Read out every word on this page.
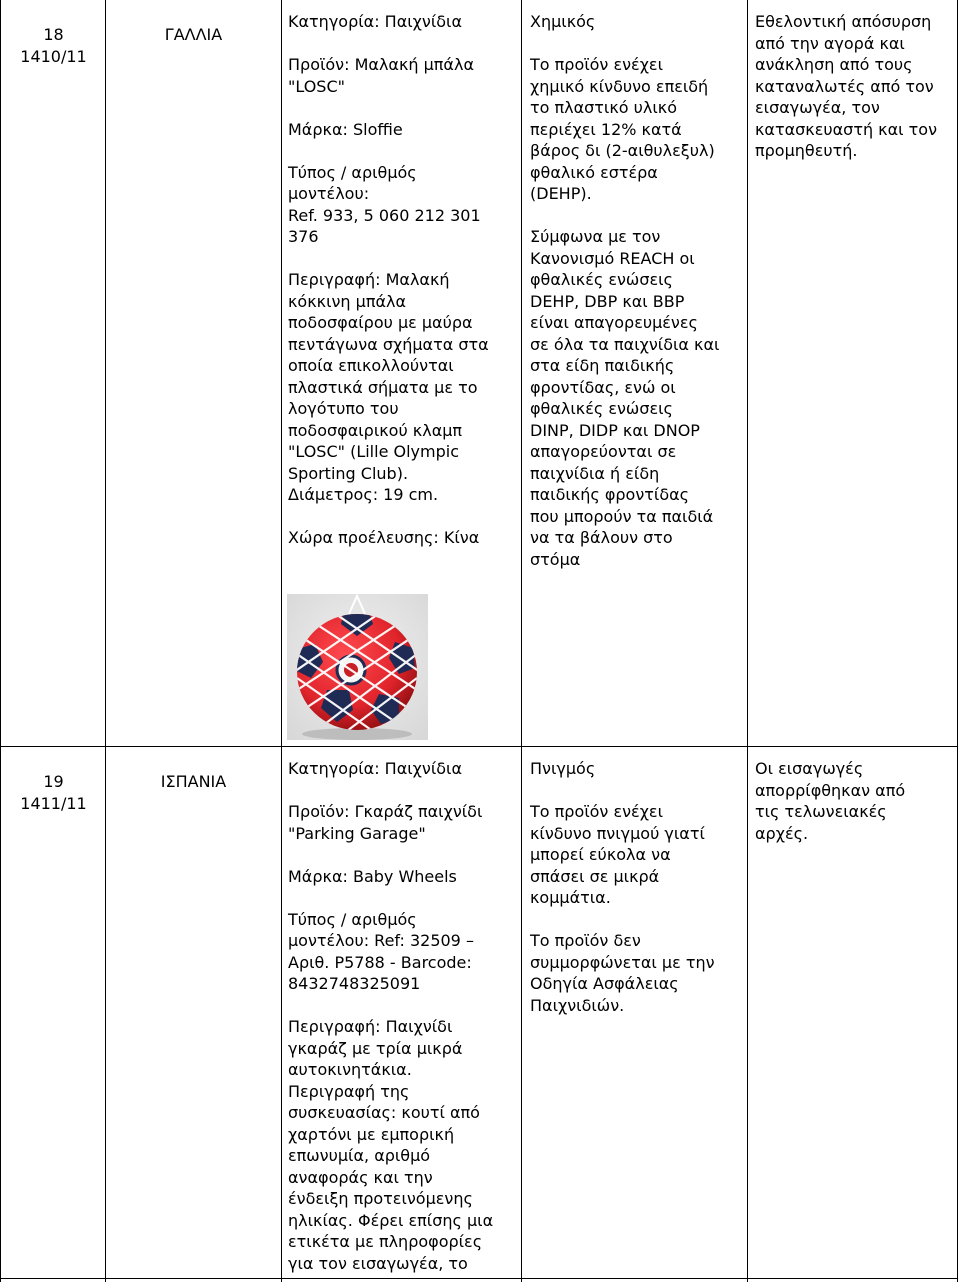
18
1410/11
ΓΑΛΛΙΑ

Κατηγορία: Παιχνίδια

Προϊόν: Μαλακή μπάλα
"LOSC"

Μάρκα: Sloffie

Τύπος / αριθμός
μοντέλου:
Ref. 933, 5 060 212 301
376

Περιγραφή: Μαλακή
κόκκινη μπάλα
ποδοσφαίρου με μαύρα
πεντάγωνα σχήματα στα
οποία επικολλούνται
πλαστικά σήματα με το
λογότυπο του
ποδοσφαιρικού κλαμπ
"LOSC" (Lille Olympic
Sporting Club).
Διάμετρος: 19 cm.

Χώρα προέλευσης: Κίνα

Χημικός

Το προϊόν ενέχει
χημικό κίνδυνο επειδή
το πλαστικό υλικό
περιέχει 12% κατά
βάρος δι (2-αιθυλεξυλ)
φθαλικό εστέρα
(DEHP).

Σύμφωνα με τον
Κανονισμό REACH οι
φθαλικές ενώσεις
DEHP, DBP και BBP
είναι απαγορευμένες
σε όλα τα παιχνίδια και
στα είδη παιδικής
φροντίδας, ενώ οι
φθαλικές ενώσεις
DINP, DIDP και DNOP
απαγορεύονται σε
παιχνίδια ή είδη
παιδικής φροντίδας
που μπορούν τα παιδιά
να τα βάλουν στο
στόμα

Εθελοντική απόσυρση
από την αγορά και
ανάκληση από τους
καταναλωτές από τον
εισαγωγέα, τον
κατασκευαστή και τον
προμηθευτή.
19
1411/11
ΙΣΠΑΝΙΑ

Κατηγορία: Παιχνίδια

Προϊόν: Γκαράζ παιχνίδι
"Parking Garage"

Μάρκα: Baby Wheels

Τύπος / αριθμός
μοντέλου: Ref: 32509 –
Αριθ. P5788 - Barcode:
8432748325091

Περιγραφή: Παιχνίδι
γκαράζ με τρία μικρά
αυτοκινητάκια.
Περιγραφή της
συσκευασίας: κουτί από
χαρτόνι με εμπορική
επωνυμία, αριθμό
αναφοράς και την
ένδειξη προτεινόμενης
ηλικίας. Φέρει επίσης μια
ετικέτα με πληροφορίες
για τον εισαγωγέα, το

Πνιγμός

Το προϊόν ενέχει
κίνδυνο πνιγμού γιατί
μπορεί εύκολα να
σπάσει σε μικρά
κομμάτια.

Το προϊόν δεν
συμμορφώνεται με την
Οδηγία Ασφάλειας
Παιχνιδιών.

Οι εισαγωγές
απορρίφθηκαν από
τις τελωνειακές
αρχές.
